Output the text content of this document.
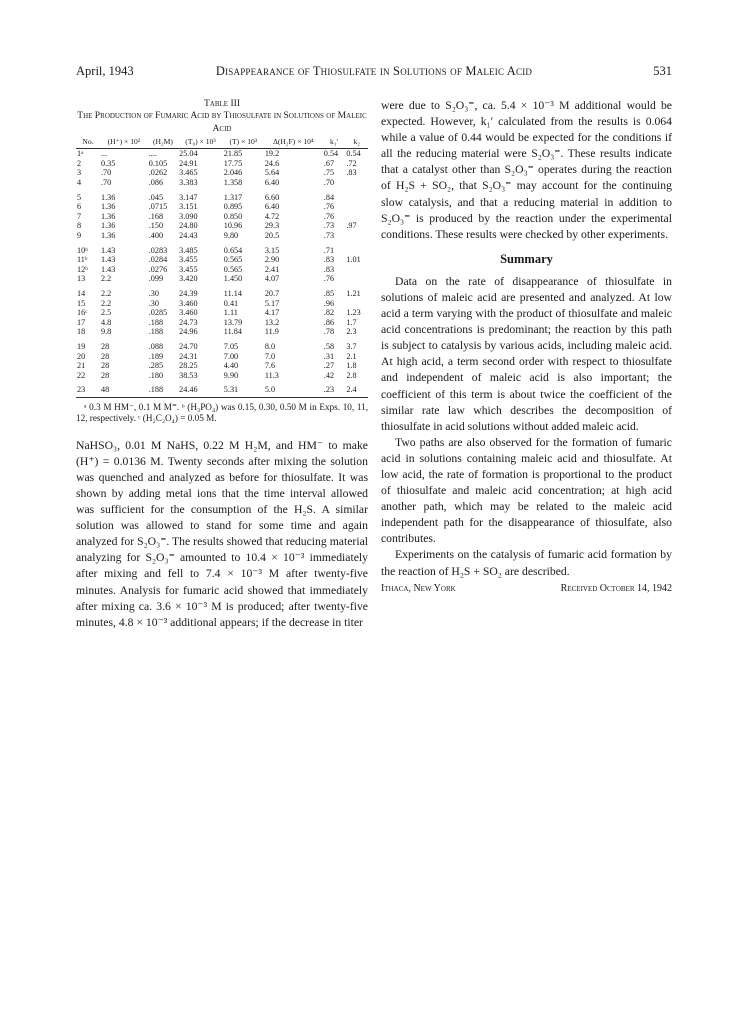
April, 1943	Disappearance of Thiosulfate in Solutions of Maleic Acid	531
Table III
The Production of Fumaric Acid by Thiosulfate in Solutions of Maleic Acid
No.	(H⁺) × 10²	(H₂M)	(T₀) × 10³	(T) × 10³	Δ(H₂F) × 10⁴	k₁′	k₂
1ᵃ	...	....	25.04	21.85	19.2	0.54	0.54
2	0.35	0.105	24.91	17.75	24.6	.67	.72
3	.70	.0262	3.465	2.046	5.64	.75	.83
4	.70	.086	3.383	1.358	6.40	.70	
5	1.36	.045	3.147	1.317	6.60	.84	
6	1.36	.0715	3.151	0.895	6.40	.76	
7	1.36	.168	3.090	0.850	4.72	.76	
8	1.36	.150	24.80	10.96	29.3	.73	.97
9	1.36	.400	24.43	9.80	20.5	.73	
10ᵇ	1.43	.0283	3.485	0.654	3.15	.71	
11ᵇ	1.43	.0284	3.455	0.565	2.90	.83	1.01
12ᵇ	1.43	.0276	3.455	0.565	2.41	.83	
13	2.2	.099	3.420	1.450	4.07	.76	
14	2.2	.30	24.39	11.14	20.7	.85	1.21
15	2.2	.30	3.460	0.41	5.17	.96	
16ᶜ	2.5	.0285	3.460	1.11	4.17	.82	1.23
17	4.8	.188	24.73	13.79	13.2	.86	1.7
18	9.8	.188	24.96	11.84	11.9	.78	2.3
19	28	.088	24.70	7.05	8.0	.58	3.7
20	28	.189	24.31	7.00	7.0	.31	2.1
21	28	.285	28.25	4.40	7.6	.27	1.8
22	28	.180	38.53	9.90	11.3	.42	2.8
23	48	.188	24.46	5.31	5.0	.23	2.4
ᵃ 0.3 M HM⁻, 0.1 M M⁼. ᵇ (H₃PO₄) was 0.15, 0.30, 0.50 M in Exps. 10, 11, 12, respectively. ᶜ (H₂C₂O₄) = 0.05 M.

NaHSO₃, 0.01 M NaHS, 0.22 M H₂M, and HM⁻ to make (H⁺) = 0.0136 M. Twenty seconds after mixing the solution was quenched and analyzed as before for thiosulfate. It was shown by adding metal ions that the time interval allowed was sufficient for the consumption of the H₂S. A similar solution was allowed to stand for some time and again analyzed for S₂O₃⁼. The results showed that reducing material analyzing for S₂O₃⁼ amounted to 10.4 × 10⁻³ immediately after mixing and fell to 7.4 × 10⁻³ M after twenty-five minutes. Analysis for fumaric acid showed that immediately after mixing ca. 3.6 × 10⁻³ M is produced; after twenty-five minutes, 4.8 × 10⁻³ additional appears; if the decrease in titer

were due to S₂O₃⁼, ca. 5.4 × 10⁻³ M additional would be expected. However, k₁′ calculated from the results is 0.064 while a value of 0.44 would be expected for the conditions if all the reducing material were S₂O₃⁼. These results indicate that a catalyst other than S₂O₃⁼ operates during the reaction of H₂S + SO₂, that S₂O₃⁼ may account for the continuing slow catalysis, and that a reducing material in addition to S₂O₃⁼ is produced by the reaction under the experimental conditions. These results were checked by other experiments.

Summary

Data on the rate of disappearance of thiosulfate in solutions of maleic acid are presented and analyzed. At low acid a term varying with the product of thiosulfate and maleic acid concentrations is predominant; the reaction by this path is subject to catalysis by various acids, including maleic acid. At high acid, a term second order with respect to thiosulfate and independent of maleic acid is also important; the coefficient of this term is about twice the coefficient of the similar rate law which describes the decomposition of thiosulfate in acid solutions without added maleic acid.

Two paths are also observed for the formation of fumaric acid in solutions containing maleic acid and thiosulfate. At low acid, the rate of formation is proportional to the product of thiosulfate and maleic acid concentration; at high acid another path, which may be related to the maleic acid independent path for the disappearance of thiosulfate, also contributes.

Experiments on the catalysis of fumaric acid formation by the reaction of H₂S + SO₂ are described.

Ithaca, New York	Received October 14, 1942
